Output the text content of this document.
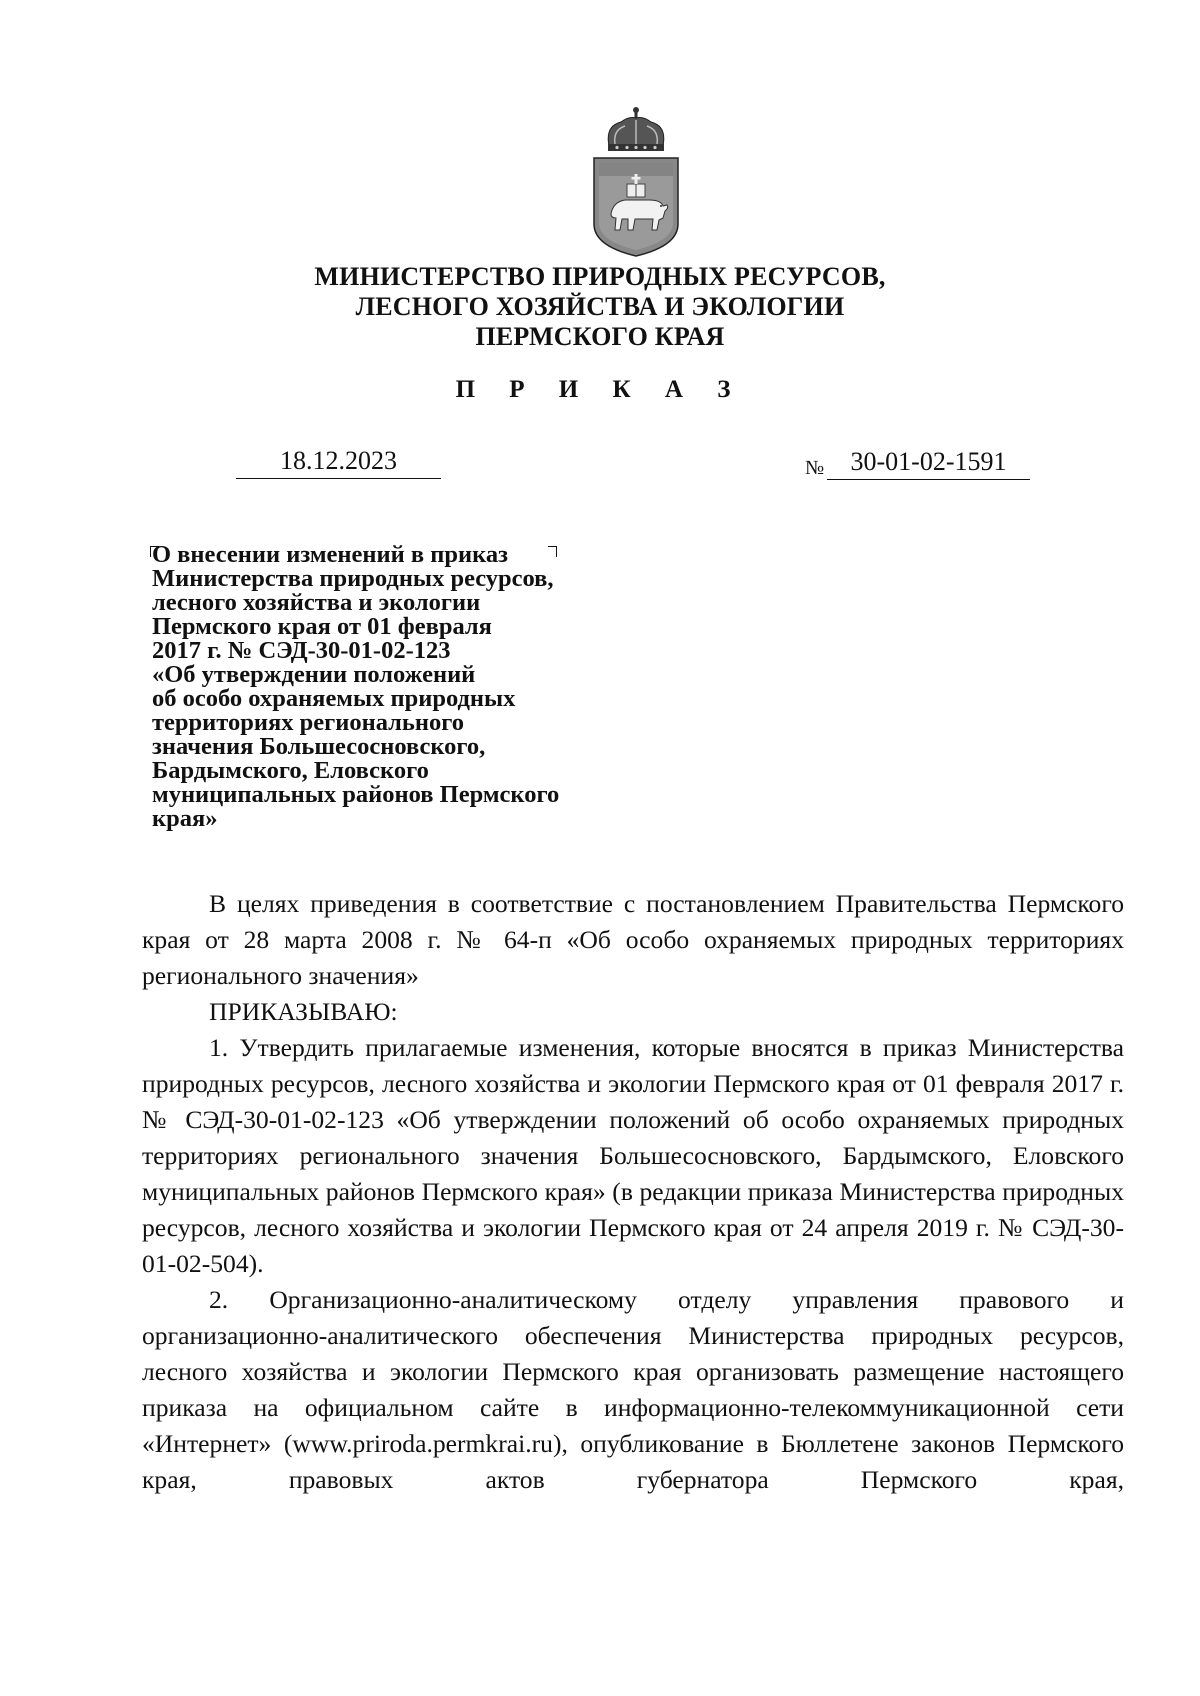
МИНИСТЕРСТВО ПРИРОДНЫХ РЕСУРСОВ,
ЛЕСНОГО ХОЗЯЙСТВА И ЭКОЛОГИИ
ПЕРМСКОГО КРАЯ
П Р И К А З
18.12.2023	№	30-01-02-1591
О внесении изменений в приказ
Министерства природных ресурсов,
лесного хозяйства и экологии
Пермского края от 01 февраля
2017 г. № СЭД-30-01-02-123
«Об утверждении положений
об особо охраняемых природных
территориях регионального
значения Большесосновского,
Бардымского, Еловского
муниципальных районов Пермского
края»

В целях приведения в соответствие с постановлением Правительства Пермского края от 28 марта 2008 г. № 64-п «Об особо охраняемых природных территориях регионального значения»

ПРИКАЗЫВАЮ:

1. Утвердить прилагаемые изменения, которые вносятся в приказ Министерства природных ресурсов, лесного хозяйства и экологии Пермского края от 01 февраля 2017 г. № СЭД-30-01-02-123 «Об утверждении положений об особо охраняемых природных территориях регионального значения Большесосновского, Бардымского, Еловского муниципальных районов Пермского края» (в редакции приказа Министерства природных ресурсов, лесного хозяйства и экологии Пермского края от 24 апреля 2019 г. № СЭД-30-01-02-504).

2. Организационно-аналитическому отделу управления правового и организационно-аналитического обеспечения Министерства природных ресурсов, лесного хозяйства и экологии Пермского края организовать размещение настоящего приказа на официальном сайте в информационно-телекоммуникационной сети «Интернет» (www.priroda.permkrai.ru), опубликование в Бюллетене законов Пермского края, правовых актов губернатора Пермского края,
